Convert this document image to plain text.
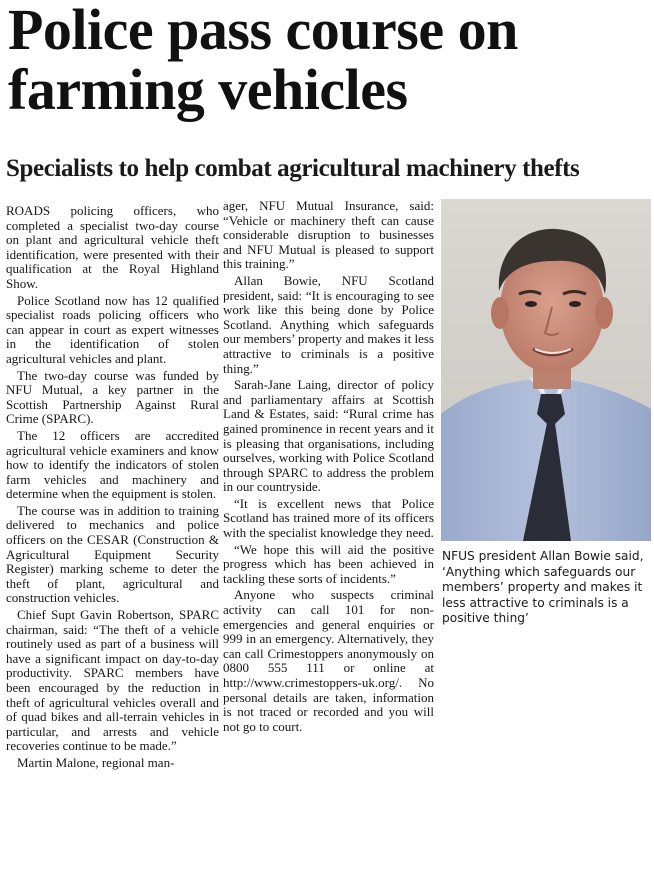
Police pass course on farming vehicles
Specialists to help combat agricultural machinery thefts

ROADS policing officers, who completed a specialist two-day course on plant and agricultural vehicle theft identification, were presented with their qualification at the Royal Highland Show.

Police Scotland now has 12 qualified specialist roads policing officers who can appear in court as expert witnesses in the identification of stolen agricultural vehicles and plant.

The two-day course was funded by NFU Mutual, a key partner in the Scottish Partnership Against Rural Crime (SPARC).

The 12 officers are accredited agricultural vehicle examiners and know how to identify the indicators of stolen farm vehicles and machinery and determine when the equipment is stolen.

The course was in addition to training delivered to mechanics and police officers on the CESAR (Construction & Agricultural Equipment Security Register) marking scheme to deter the theft of plant, agricultural and construction vehicles.

Chief Supt Gavin Robertson, SPARC chairman, said: “The theft of a vehicle routinely used as part of a business will have a significant impact on day-to-day productivity. SPARC members have been encouraged by the reduction in theft of agricultural vehicles overall and of quad bikes and all-terrain vehicles in particular, and arrests and vehicle recoveries continue to be made.”

Martin Malone, regional man-

ager, NFU Mutual Insurance, said: “Vehicle or machinery theft can cause considerable disruption to businesses and NFU Mutual is pleased to support this training.”

Allan Bowie, NFU Scotland president, said: “It is encouraging to see work like this being done by Police Scotland. Anything which safeguards our members’ property and makes it less attractive to criminals is a positive thing.”

Sarah-Jane Laing, director of policy and parliamentary affairs at Scottish Land & Estates, said: “Rural crime has gained prominence in recent years and it is pleasing that organisations, including ourselves, working with Police Scotland through SPARC to address the problem in our countryside.

“It is excellent news that Police Scotland has trained more of its officers with the specialist knowledge they need.

“We hope this will aid the positive progress which has been achieved in tackling these sorts of incidents.”

Anyone who suspects criminal activity can call 101 for non-emergencies and general enquiries or 999 in an emergency. Alternatively, they can call Crimestoppers anonymously on 0800 555 111 or online at http://www.crimestoppers-uk.org/. No personal details are taken, information is not traced or recorded and you will not go to court.

NFUS president Allan Bowie said, ‘Anything which safeguards our members’ property and makes it less attractive to criminals is a positive thing’
